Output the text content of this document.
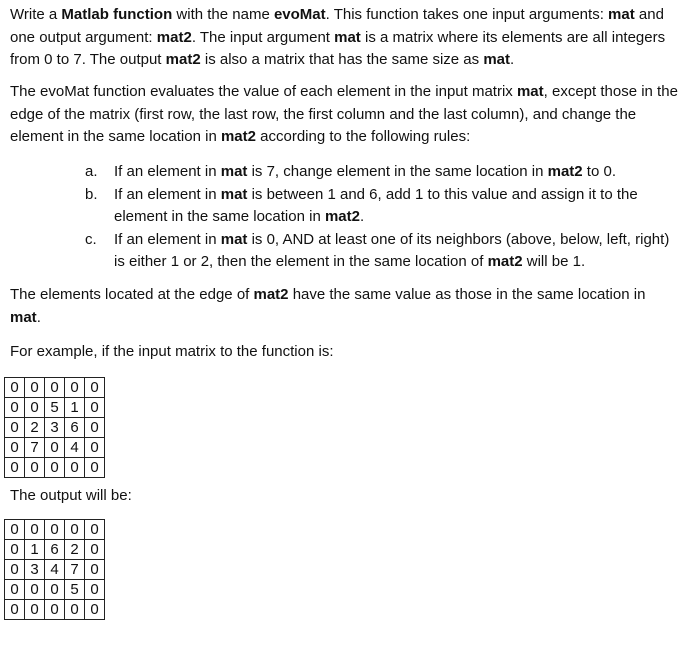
Write a Matlab function with the name evoMat. This function takes one input arguments: mat and one output argument: mat2. The input argument mat is a matrix where its elements are all integers from 0 to 7. The output mat2 is also a matrix that has the same size as mat.

The evoMat function evaluates the value of each element in the input matrix mat, except those in the edge of the matrix (first row, the last row, the first column and the last column), and change the element in the same location in mat2 according to the following rules:

a. If an element in mat is 7, change element in the same location in mat2 to 0.
b. If an element in mat is between 1 and 6, add 1 to this value and assign it to the element in the same location in mat2.
c. If an element in mat is 0, AND at least one of its neighbors (above, below, left, right) is either 1 or 2, then the element in the same location of mat2 will be 1.

The elements located at the edge of mat2 have the same value as those in the same location in mat.

For example, if the input matrix to the function is:

0	0	0	0	0
0	0	5	1	0
0	2	3	6	0
0	7	0	4	0
0	0	0	0	0

The output will be:

0	0	0	0	0
0	1	6	2	0
0	3	4	7	0
0	0	0	5	0
0	0	0	0	0
